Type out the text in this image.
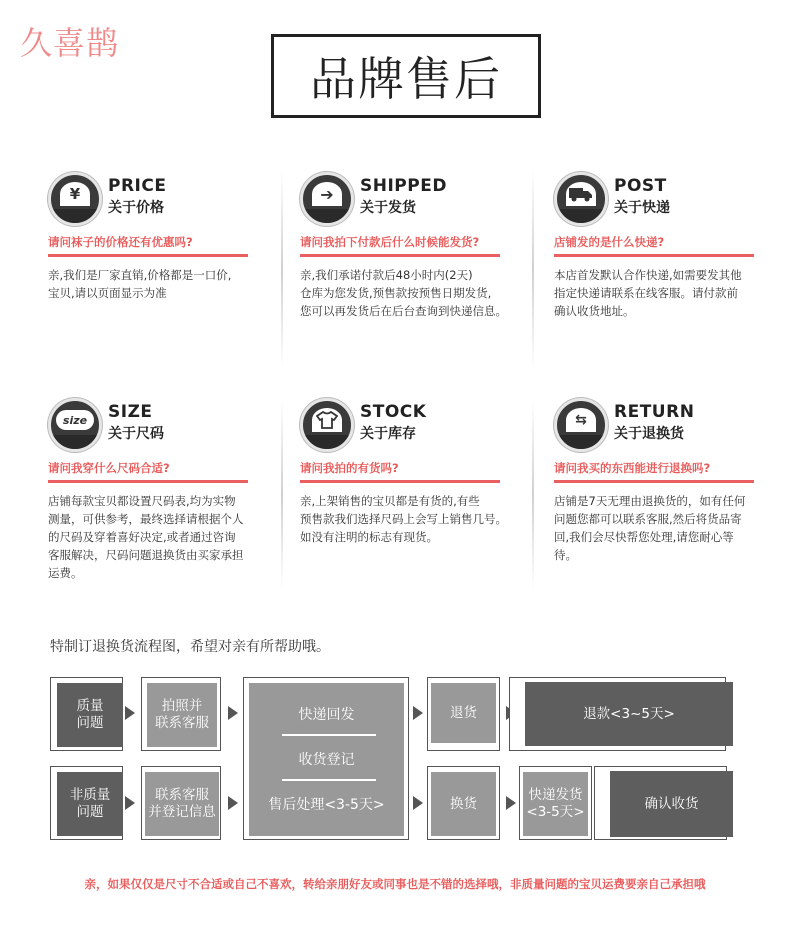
久喜鹊
品牌售后
¥ PRICE
关于价格
请问袜子的价格还有优惠吗?
亲,我们是厂家直销,价格都是一口价,
宝贝,请以页面显示为准
➔ SHIPPED
关于发货
请问我拍下付款后什么时候能发货?
亲,我们承诺付款后48小时内(2天)
仓库为您发货,预售款按预售日期发货,
您可以再发货后在后台查询到快递信息。
POST
关于快递
店铺发的是什么快递?
本店首发默认合作快递,如需要发其他
指定快递请联系在线客服。请付款前
确认收货地址。
size SIZE
关于尺码
请问我穿什么尺码合适?
店铺每款宝贝都设置尺码表,均为实物
测量，可供参考，最终选择请根据个人
的尺码及穿着喜好决定,或者通过咨询
客服解决，尺码问题退换货由买家承担
运费。
STOCK
关于库存
请问我拍的有货吗?
亲,上架销售的宝贝都是有货的,有些
预售款我们选择尺码上会写上销售几号。
如没有注明的标志有现货。
⇆ RETURN
关于退换货
请问我买的东西能进行退换吗?
店铺是7天无理由退换货的，如有任何
问题您都可以联系客服,然后将货品寄
回,我们会尽快帮您处理,请您耐心等
待。
特制订退换货流程图，希望对亲有所帮助哦。
质量
问题
拍照并
联系客服	快递回发
收货登记
售后处理<3-5天>
退货	退款<3~5天>
非质量
问题
联系客服
并登记信息
换货
快递发货
<3-5天>
确认收货
亲，如果仅仅是尺寸不合适或自己不喜欢，转给亲朋好友或同事也是不错的选择哦，非质量问题的宝贝运费要亲自己承担哦
